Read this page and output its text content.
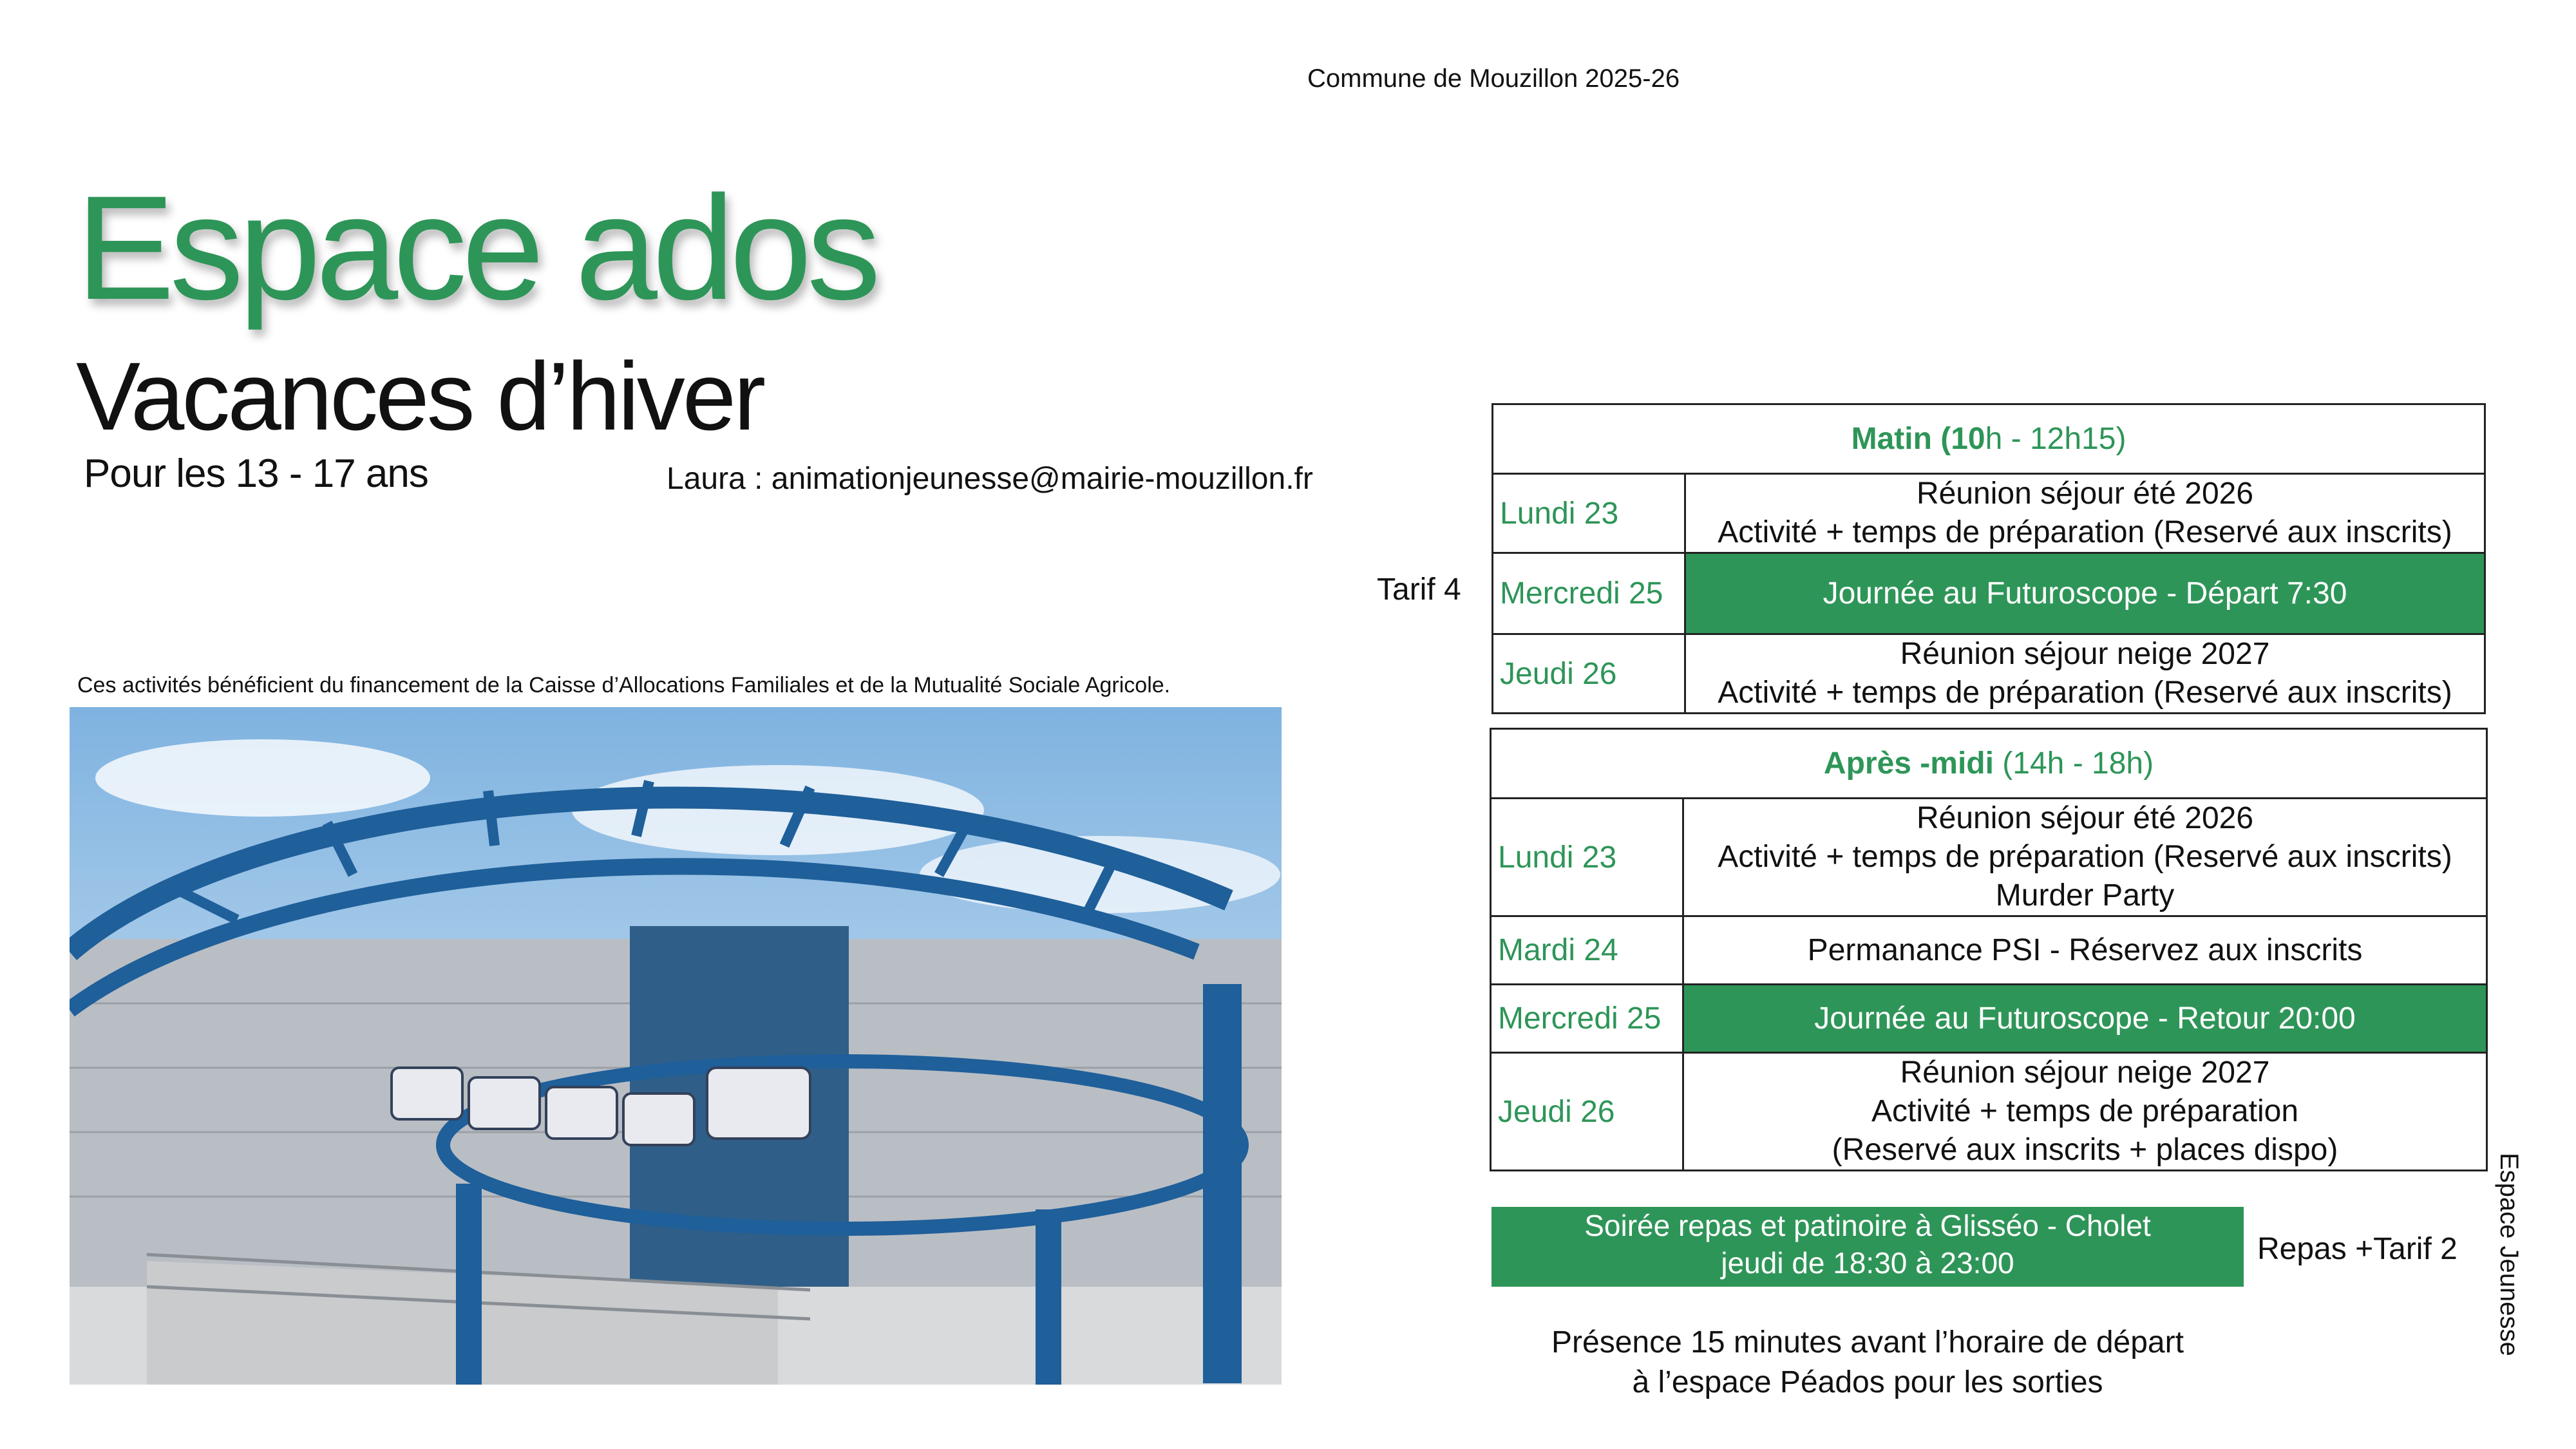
Commune de Mouzillon 2025-26
Espace ados
Vacances d’hiver
Pour les 13 - 17 ans	Laura : animationjeunesse@mairie-mouzillon.fr
Ces activités bénéficient du financement de la Caisse d’Allocations Familiales et de la Mutualité Sociale Agricole.
Tarif 4
Matin (10h - 12h15)	
Lundi 23	Réunion séjour été 2026
Activité + temps de préparation (Reservé aux inscrits)

Mercredi 25	Journée au Futuroscope - Départ 7:30
Jeudi 26	Réunion séjour neige 2027
Activité + temps de préparation (Reservé aux inscrits)
Après -midi (14h - 18h)	
Lundi 23	Réunion séjour été 2026
Activité + temps de préparation (Reservé aux inscrits)
Murder Party

Mardi 24	Permanance PSI - Réservez aux inscrits
Mercredi 25	Journée au Futuroscope - Retour 20:00
Jeudi 26	Réunion séjour neige 2027
Activité + temps de préparation
(Reservé aux inscrits + places dispo)
Soirée repas et patinoire à Glisséo - Cholet
jeudi de 18:30 à 23:00	Repas +Tarif 2
Présence 15 minutes avant l’horaire de départ
à l’espace Péados pour les sorties
Espace Jeunesse
